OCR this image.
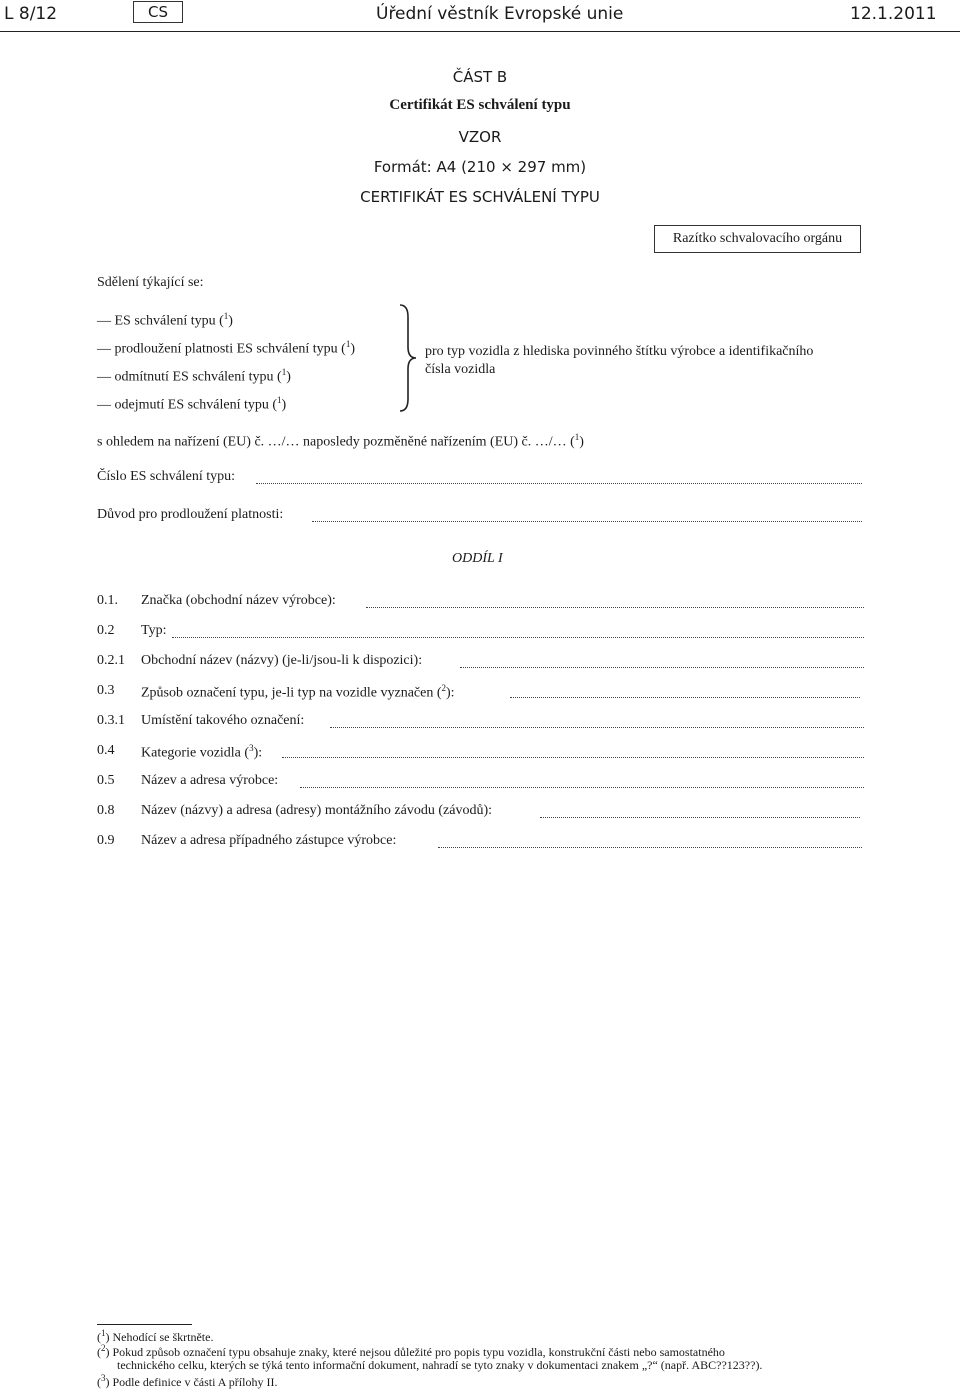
L 8/12	CS	Úřední věstník Evropské unie	12.1.2011
ČÁST B
Certifikát ES schválení typu
VZOR
Formát: A4 (210 × 297 mm)
CERTIFIKÁT ES SCHVÁLENÍ TYPU
Razítko schvalovacího orgánu
Sdělení týkající se:
— ES schválení typu ($^1$)
— prodloužení platnosti ES schválení typu ($^1$)
— odmítnutí ES schválení typu ($^1$)
— odejmutí ES schválení typu ($^1$)
pro typ vozidla z hlediska povinného štítku výrobce a identifikačního
čísla vozidla
s ohledem na nařízení (EU) č. …/… naposledy pozměněné nařízením (EU) č. …/… ($^1$)
Číslo ES schválení typu:
Důvod pro prodloužení platnosti:
ODDÍL I
0.1. Značka (obchodní název výrobce):
0.2 Typ:
0.2.1 Obchodní název (názvy) (je-li/jsou-li k dispozici):
0.3 Způsob označení typu, je-li typ na vozidle vyznačen ($^2$):
0.3.1 Umístění takového označení:
0.4 Kategorie vozidla ($^3$):
0.5 Název a adresa výrobce:
0.8 Název (názvy) a adresa (adresy) montážního závodu (závodů):
0.9 Název a adresa případného zástupce výrobce:
($^1$) Nehodící se škrtněte.
($^2$) Pokud způsob označení typu obsahuje znaky, které nejsou důležité pro popis typu vozidla, konstrukční části nebo samostatného
technického celku, kterých se týká tento informační dokument, nahradí se tyto znaky v dokumentaci znakem „?“ (např. ABC??123??).
($^3$) Podle definice v části A přílohy II.
